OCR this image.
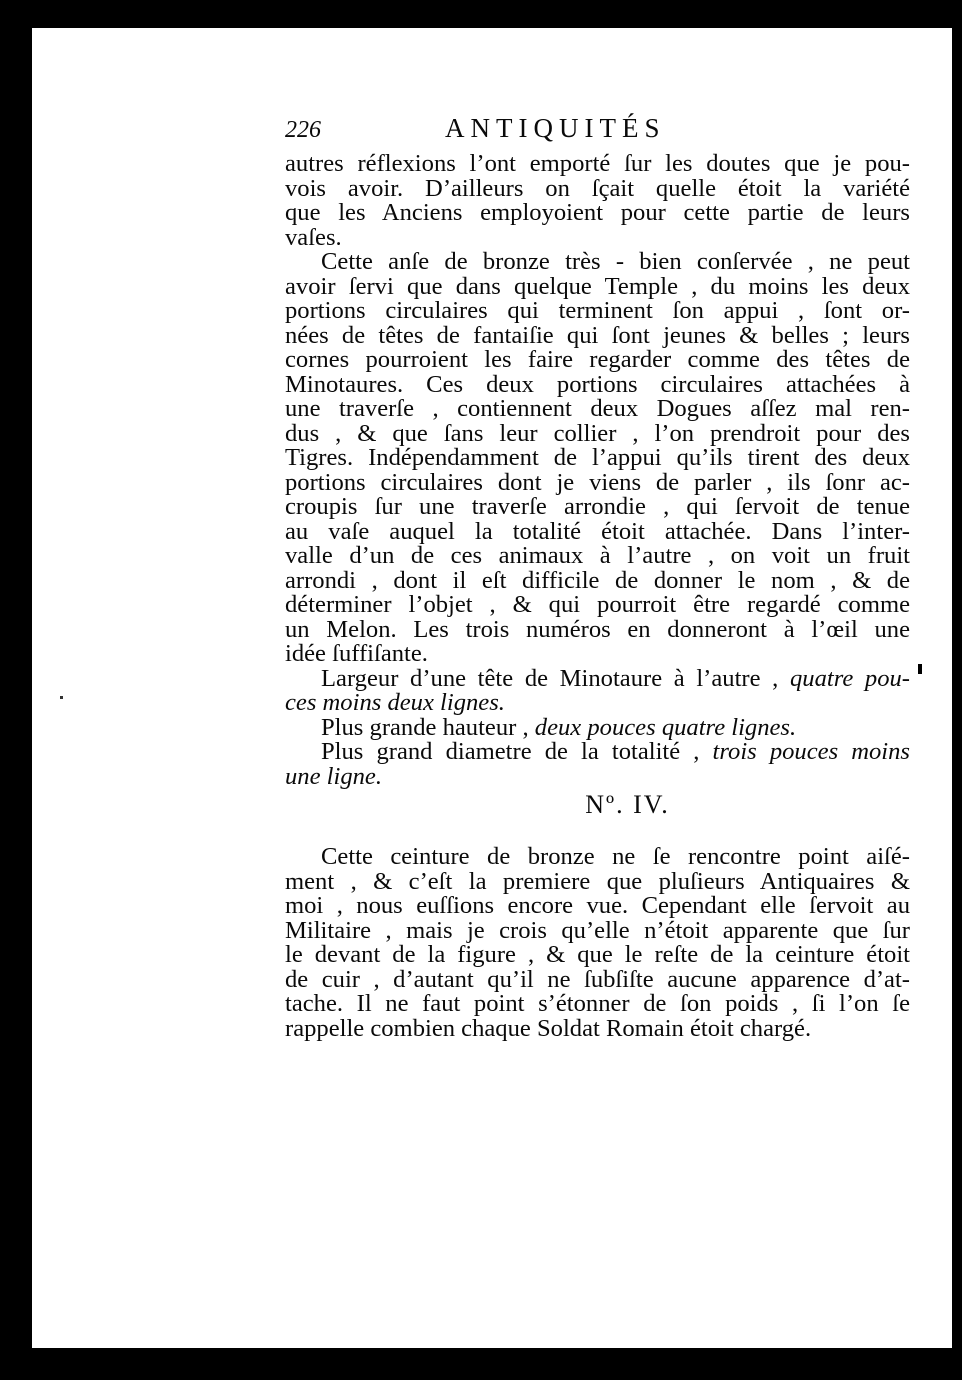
226	ANTIQUITÉS
autres réflexions l’ont emporté ſur les doutes que je pou-
vois avoir. D’ailleurs on ſçait quelle étoit la variété
que les Anciens employoient pour cette partie de leurs
vaſes.
Cette anſe de bronze très - bien conſervée , ne peut
avoir ſervi que dans quelque Temple , du moins les deux
portions circulaires qui terminent ſon appui , ſont or-
nées de têtes de fantaiſie qui ſont jeunes & belles ; leurs
cornes pourroient les faire regarder comme des têtes de
Minotaures. Ces deux portions circulaires attachées à
une traverſe , contiennent deux Dogues aſſez mal ren-
dus , & que ſans leur collier , l’on prendroit pour des
Tigres. Indépendamment de l’appui qu’ils tirent des deux
portions circulaires dont je viens de parler , ils ſonr ac-
croupis ſur une traverſe arrondie , qui ſervoit de tenue
au vaſe auquel la totalité étoit attachée. Dans l’inter-
valle d’un de ces animaux à l’autre , on voit un fruit
arrondi , dont il eſt difficile de donner le nom , & de
déterminer l’objet , & qui pourroit être regardé comme
un Melon. Les trois numéros en donneront à l’œil une
idée ſuffiſante.
Largeur d’une tête de Minotaure à l’autre , quatre pou-
ces moins deux lignes.
Plus grande hauteur , deux pouces quatre lignes.
Plus grand diametre de la totalité , trois pouces moins
une ligne.
Nº. IV.
Cette ceinture de bronze ne ſe rencontre point aiſé-
ment , & c’eſt la premiere que pluſieurs Antiquaires &
moi , nous euſſions encore vue. Cependant elle ſervoit au
Militaire , mais je crois qu’elle n’étoit apparente que ſur
le devant de la figure , & que le reſte de la ceinture étoit
de cuir , d’autant qu’il ne ſubſiſte aucune apparence d’at-
tache. Il ne faut point s’étonner de ſon poids , ſi l’on ſe
rappelle combien chaque Soldat Romain étoit chargé.
